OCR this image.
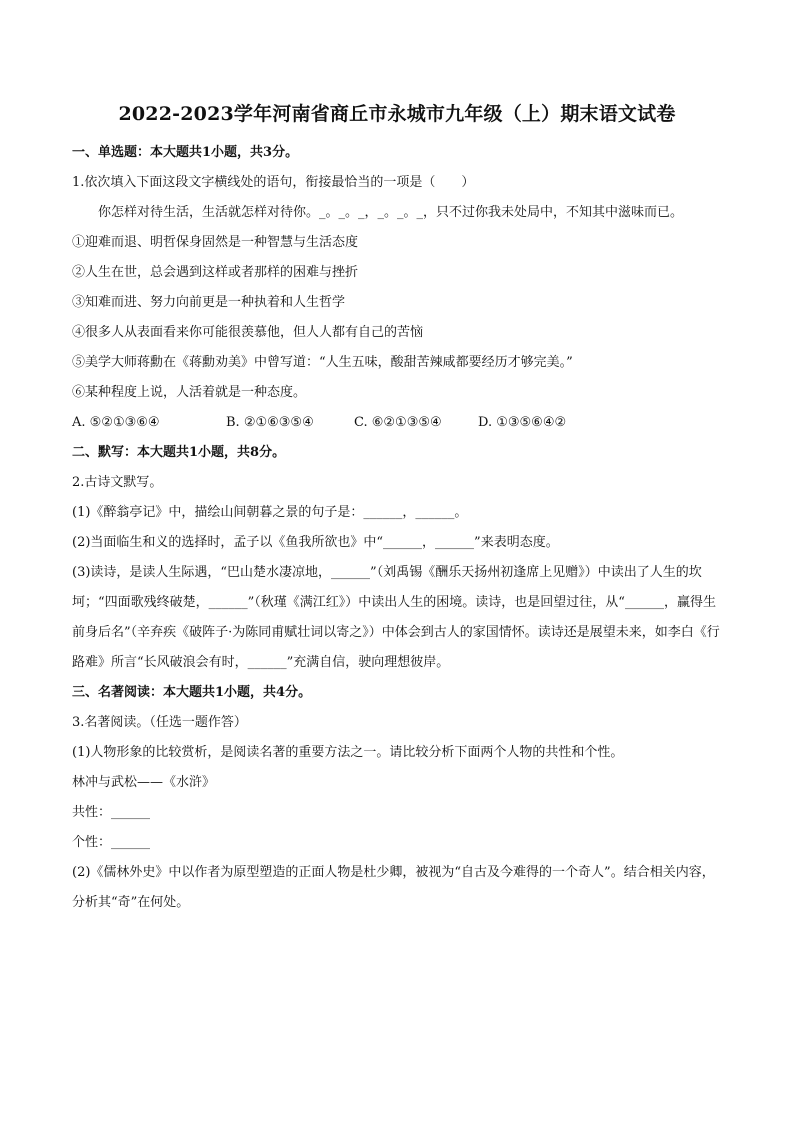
2022-2023学年河南省商丘市永城市九年级（上）期末语文试卷

一、单选题：本大题共1小题，共3分。

1.依次填入下面这段文字横线处的语句，衔接最恰当的一项是（　　）

你怎样对待生活，生活就怎样对待你。_。_。_，_。_。_，只不过你我未处局中，不知其中滋味而已。

①迎难而退、明哲保身固然是一种智慧与生活态度

②人生在世，总会遇到这样或者那样的困难与挫折

③知难而进、努力向前更是一种执着和人生哲学

④很多人从表面看来你可能很羡慕他，但人人都有自己的苦恼

⑤美学大师蒋勳在《蒋勳劝美》中曾写道：“人生五味，酸甜苦辣咸都要经历才够完美。”

⑥某种程度上说，人活着就是一种态度。

A. ⑤②①③⑥④	B. ②①⑥③⑤④	C. ⑥②①③⑤④	D. ①③⑤⑥④②

二、默写：本大题共1小题，共8分。

2.古诗文默写。

(1)《醉翁亭记》中，描绘山间朝暮之景的句子是：______，______。

(2)当面临生和义的选择时，孟子以《鱼我所欲也》中“______，______”来表明态度。

(3)读诗，是读人生际遇，“巴山楚水凄凉地，______”（刘禹锡《酬乐天扬州初逢席上见赠》）中读出了人生的坎坷；“四面歌残终破楚，______”（秋瑾《满江红》）中读出人生的困境。读诗，也是回望过往，从“______，赢得生前身后名”（辛弃疾《破阵子·为陈同甫赋壮词以寄之》）中体会到古人的家国情怀。读诗还是展望未来，如李白《行路难》所言“长风破浪会有时，______”充满自信，驶向理想彼岸。

三、名著阅读：本大题共1小题，共4分。

3.名著阅读。（任选一题作答）

(1)人物形象的比较赏析，是阅读名著的重要方法之一。请比较分析下面两个人物的共性和个性。

林冲与武松——《水浒》

共性：______

个性：______

(2)《儒林外史》中以作者为原型塑造的正面人物是杜少卿，被视为“自古及今难得的一个奇人”。结合相关内容，分析其“奇”在何处。
